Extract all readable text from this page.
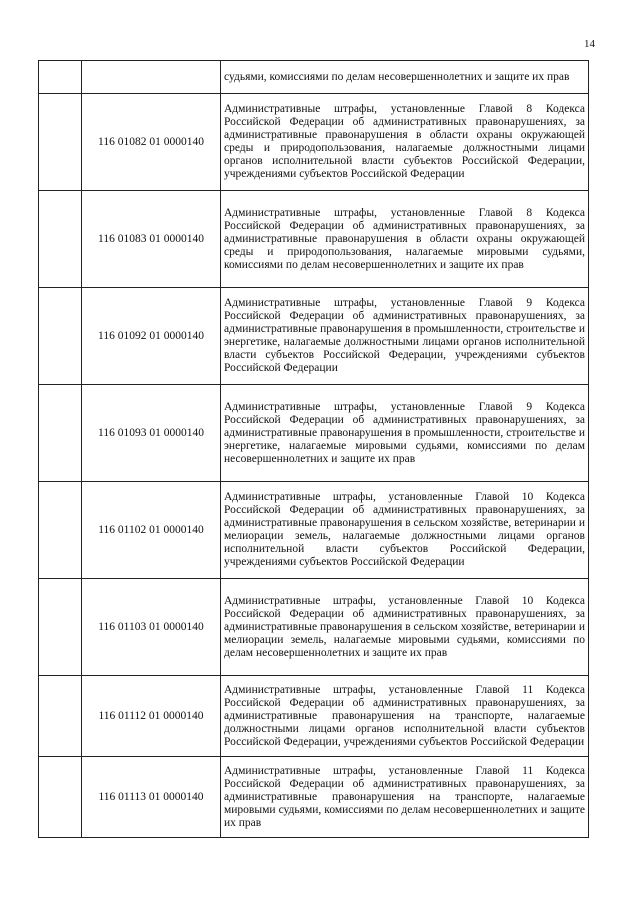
14
		судьями, комиссиями по делам несовершеннолетних и защите их прав
	116 01082 01 0000140	Административные штрафы, установленные Главой 8 Кодекса Российской Федерации об административных правонарушениях, за административные правонарушения в области охраны окружающей среды и природопользования, налагаемые должностными лицами органов исполнительной власти субъектов Российской Федерации, учреждениями субъектов Российской Федерации
	116 01083 01 0000140	Административные штрафы, установленные Главой 8 Кодекса Российской Федерации об административных правонарушениях, за административные правонарушения в области охраны окружающей среды и природопользования, налагаемые мировыми судьями, комиссиями по делам несовершеннолетних и защите их прав
	116 01092 01 0000140	Административные штрафы, установленные Главой 9 Кодекса Российской Федерации об административных правонарушениях, за административные правонарушения в промышленности, строительстве и энергетике, налагаемые должностными лицами органов исполнительной власти субъектов Российской Федерации, учреждениями субъектов Российской Федерации
	116 01093 01 0000140	Административные штрафы, установленные Главой 9 Кодекса Российской Федерации об административных правонарушениях, за административные правонарушения в промышленности, строительстве и энергетике, налагаемые мировыми судьями, комиссиями по делам несовершеннолетних и защите их прав
	116 01102 01 0000140	Административные штрафы, установленные Главой 10 Кодекса Российской Федерации об административных правонарушениях, за административные правонарушения в сельском хозяйстве, ветеринарии и мелиорации земель, налагаемые должностными лицами органов исполнительной власти субъектов Российской Федерации, учреждениями субъектов Российской Федерации
	116 01103 01 0000140	Административные штрафы, установленные Главой 10 Кодекса Российской Федерации об административных правонарушениях, за административные правонарушения в сельском хозяйстве, ветеринарии и мелиорации земель, налагаемые мировыми судьями, комиссиями по делам несовершеннолетних и защите их прав
	116 01112 01 0000140	Административные штрафы, установленные Главой 11 Кодекса Российской Федерации об административных правонарушениях, за административные правонарушения на транспорте, налагаемые должностными лицами органов исполнительной власти субъектов Российской Федерации, учреждениями субъектов Российской Федерации
	116 01113 01 0000140	Административные штрафы, установленные Главой 11 Кодекса Российской Федерации об административных правонарушениях, за административные правонарушения на транспорте, налагаемые мировыми судьями, комиссиями по делам несовершеннолетних и защите их прав
